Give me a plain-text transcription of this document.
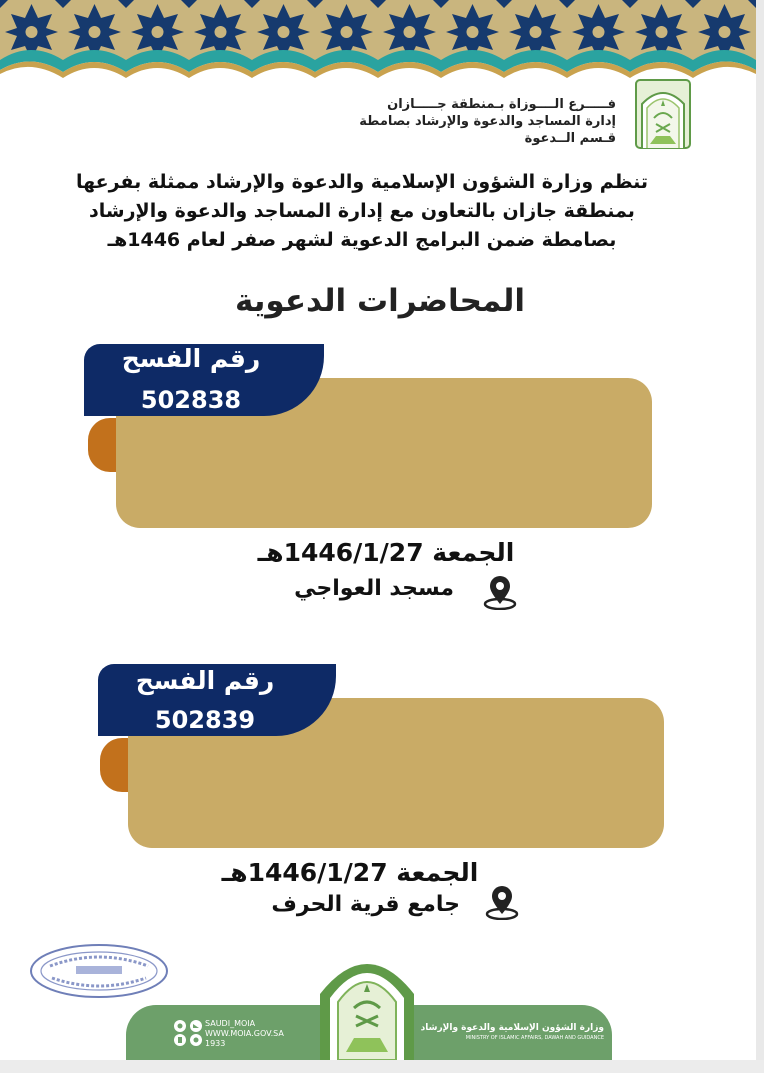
فـــــرع الــــوزاة بـمنطقة جـــــازان
إدارة المساجد والدعوة والإرشاد بصامطة
قـسم الــدعوة
تنظم وزارة الشؤون الإسلامية والدعوة والإرشاد ممثلة بفرعها
بمنطقة جازان بالتعاون مع إدارة المساجد والدعوة والإرشاد
بصامطة ضمن البرامج الدعوية لشهر صفر لعام 1446هـ
المحاضرات الدعوية
رقم الفسح
502838
الجمعة 1446/1/27هـ
مسجد العواجي
رقم الفسح
502839
الجمعة 1446/1/27هـ
جامع قرية الحرف
SAUDI_MOIA
WWW.MOIA.GOV.SA
1933
وزارة الشؤون الإسلامية والدعوة والإرشاد
MINISTRY OF ISLAMIC AFFAIRS, DAWAH AND GUIDANCE
